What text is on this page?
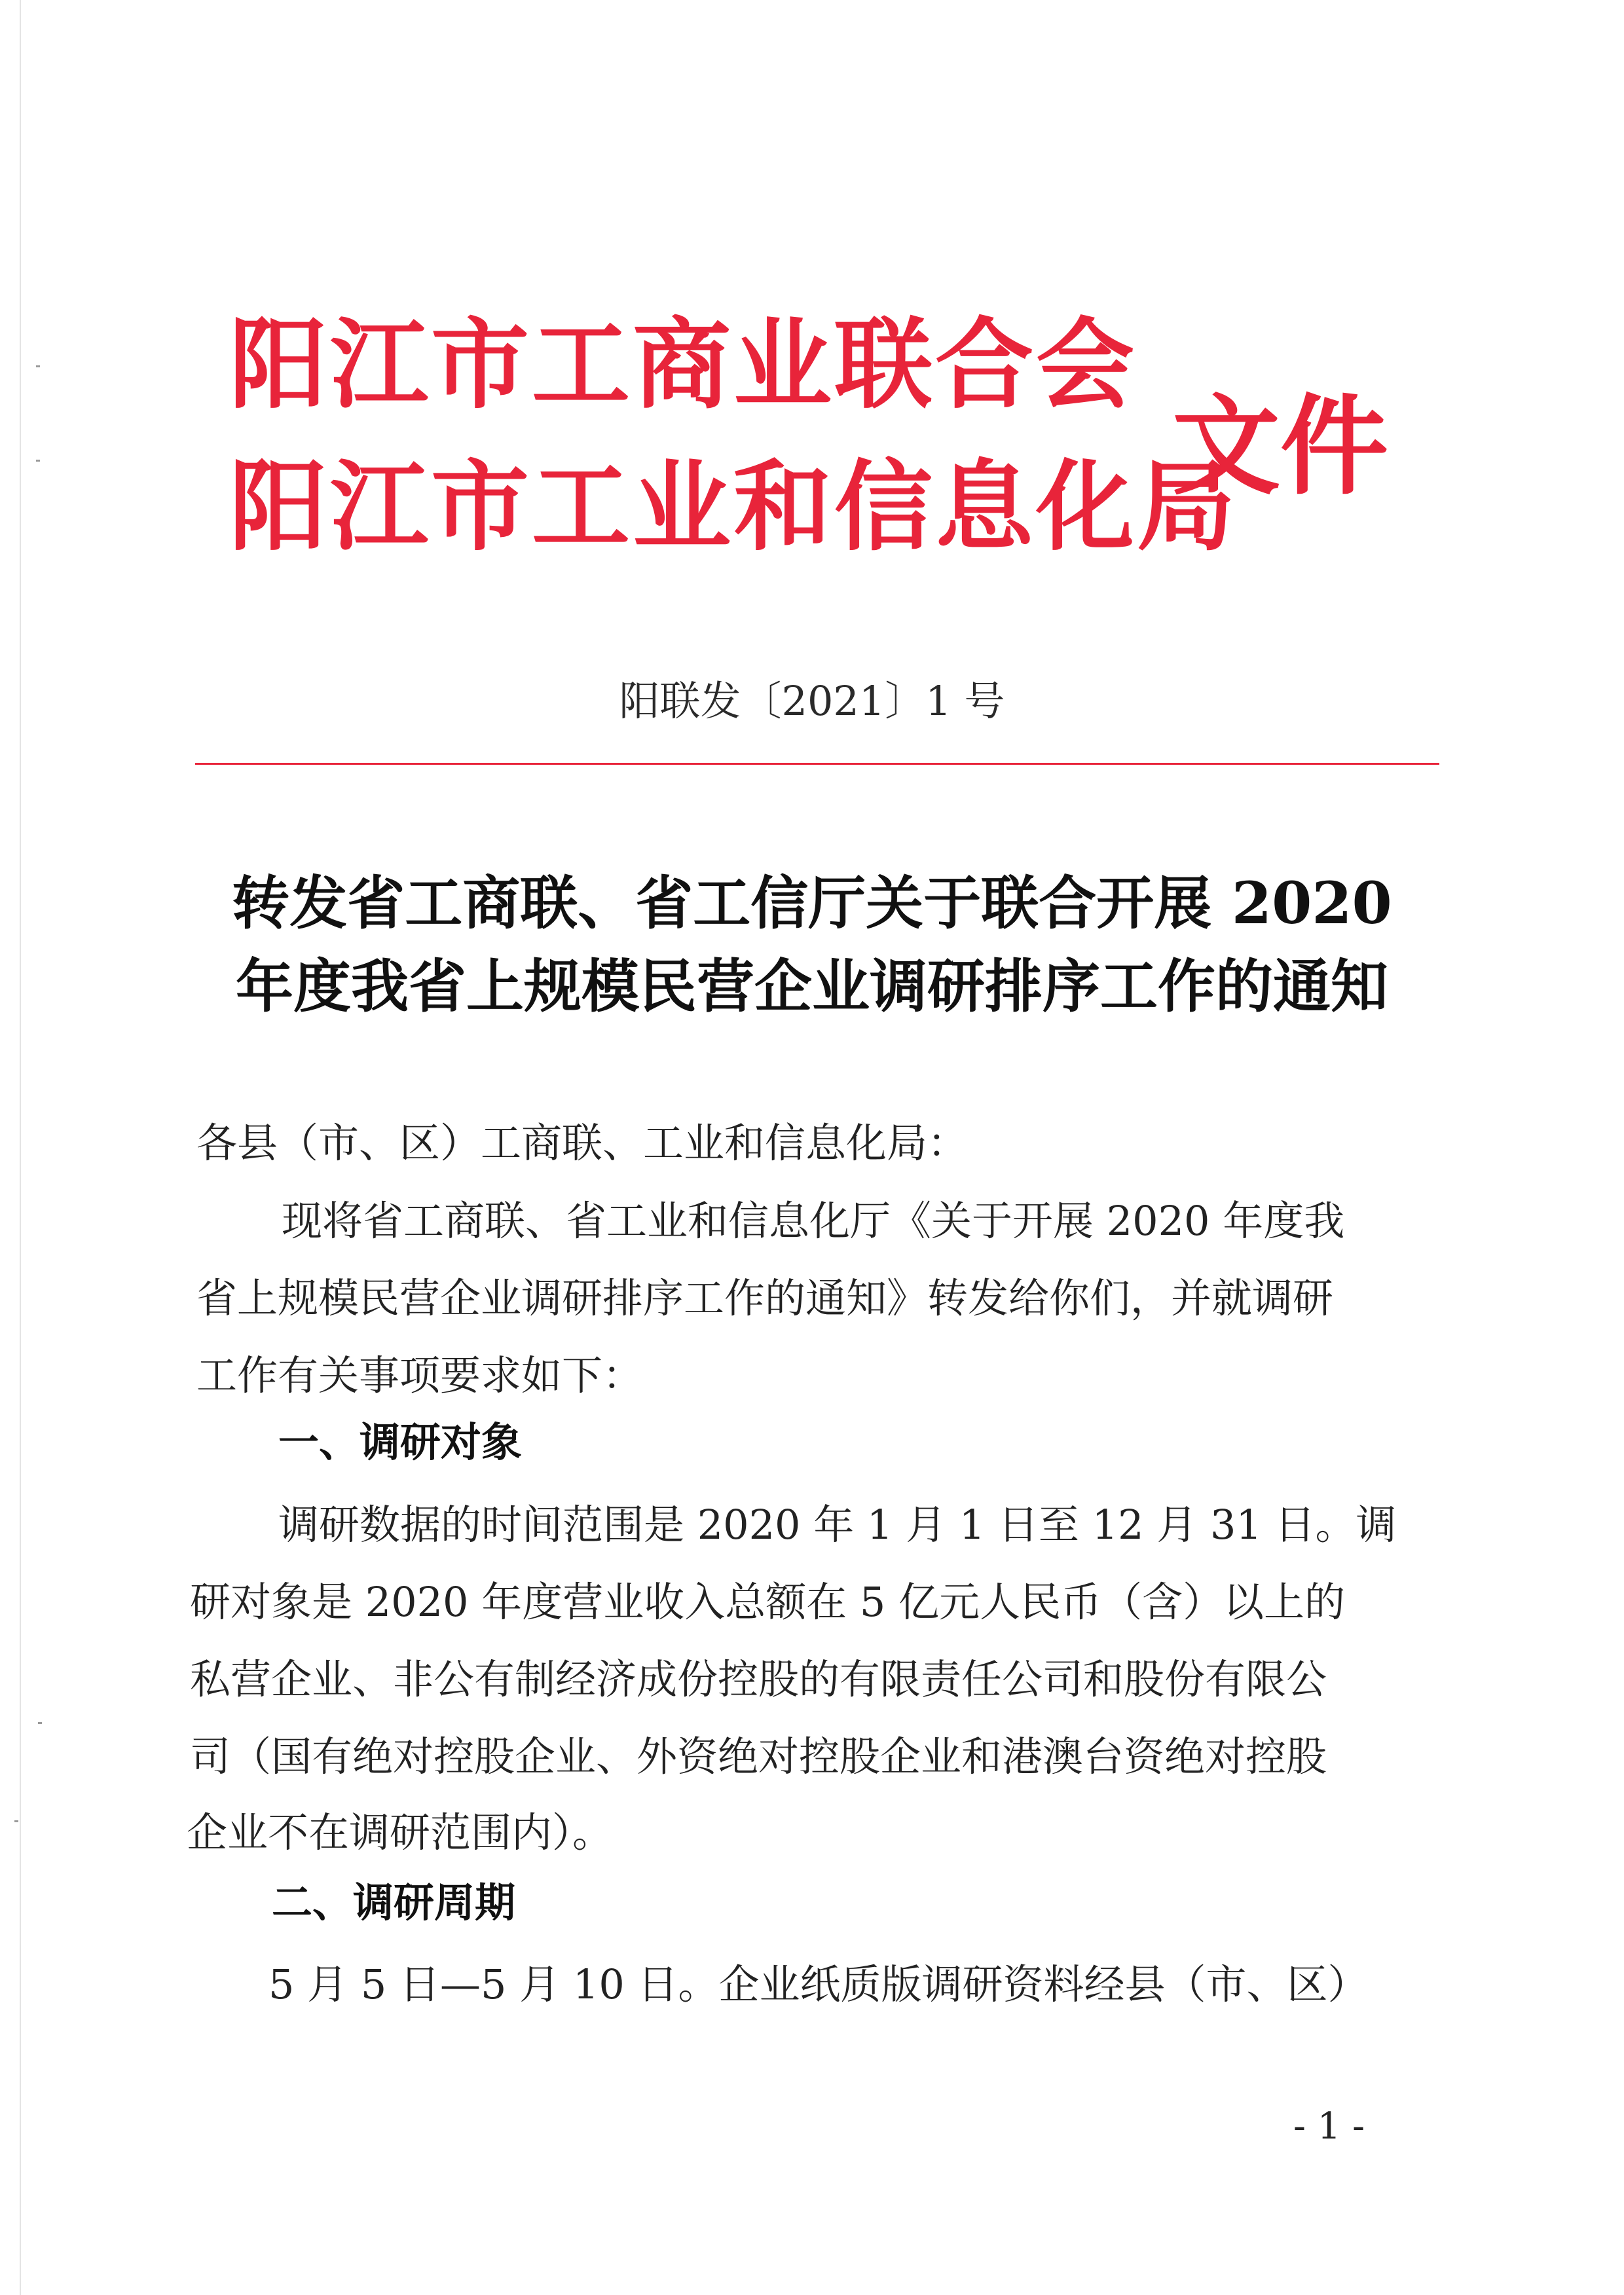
阳江市工商业联合会
阳江市工业和信息化局
文件
阳联发〔2021〕1 号
转发省工商联、省工信厅关于联合开展 2020
年度我省上规模民营企业调研排序工作的通知
各县（市、区）工商联、工业和信息化局：
现将省工商联、省工业和信息化厅《关于开展 2020 年度我
省上规模民营企业调研排序工作的通知》转发给你们，并就调研
工作有关事项要求如下：
一、调研对象
调研数据的时间范围是 2020 年 1 月 1 日至 12 月 31 日。调
研对象是 2020 年度营业收入总额在 5 亿元人民币（含）以上的
私营企业、非公有制经济成份控股的有限责任公司和股份有限公
司（国有绝对控股企业、外资绝对控股企业和港澳台资绝对控股
企业不在调研范围内）。
二、调研周期
5 月 5 日—5 月 10 日。企业纸质版调研资料经县（市、区）
- 1 -
